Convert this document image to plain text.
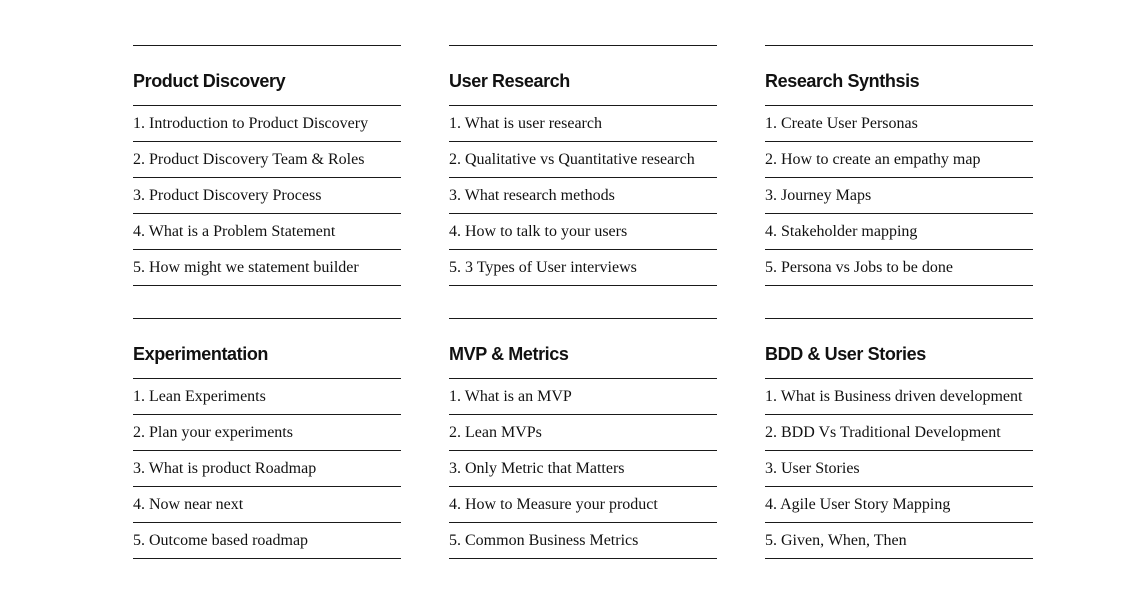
Product Discovery
1. Introduction to Product Discovery
2. Product Discovery Team & Roles
3. Product Discovery Process
4. What is a Problem Statement
5. How might we statement builder
User Research
1. What is user research
2. Qualitative vs Quantitative research
3. What research methods
4. How to talk to your users
5. 3 Types of User interviews
Research Synthsis
1. Create User Personas
2. How to create an empathy map
3. Journey Maps
4. Stakeholder mapping
5. Persona vs Jobs to be done
Experimentation
1. Lean Experiments
2. Plan your experiments
3. What is product Roadmap
4. Now near next
5. Outcome based roadmap
MVP & Metrics
1. What is an MVP
2. Lean MVPs
3. Only Metric that Matters
4. How to Measure your product
5. Common Business Metrics
BDD & User Stories
1. What is Business driven development
2. BDD Vs Traditional Development
3. User Stories
4. Agile User Story Mapping
5. Given, When, Then
